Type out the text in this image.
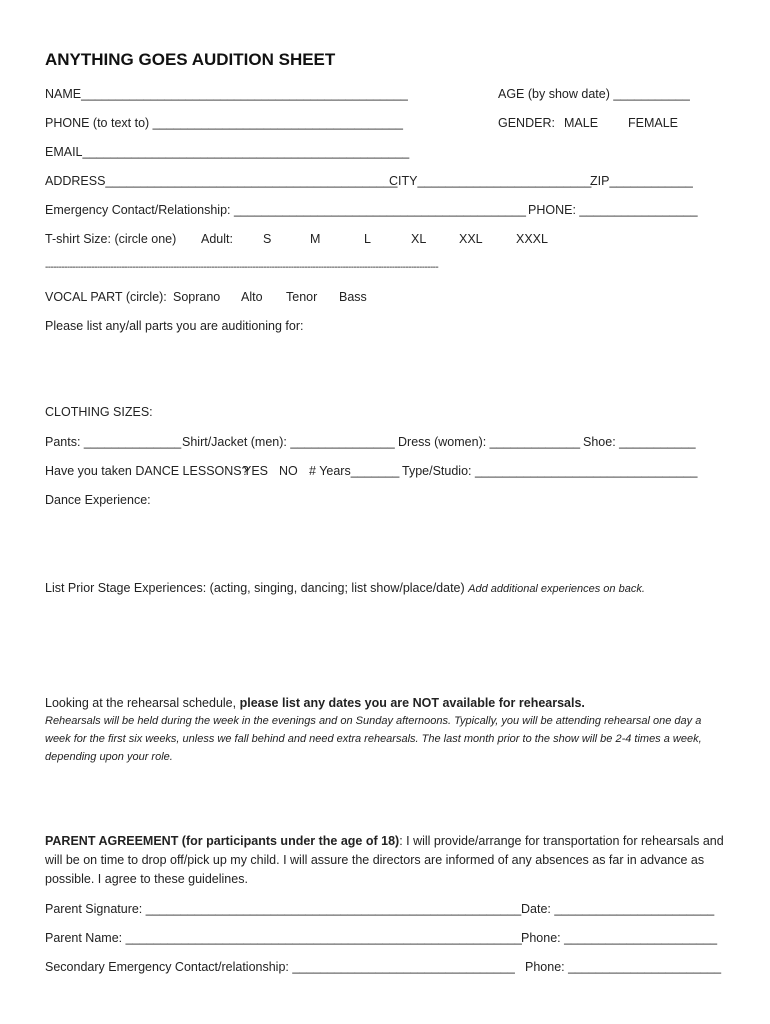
ANYTHING GOES AUDITION SHEET
NAME_______________________________________________	AGE (by show date) ___________
PHONE (to text to) ____________________________________	GENDER: MALE FEMALE
EMAIL_______________________________________________
ADDRESS__________________________________________
CITY_________________________
ZIP____________
Emergency Contact/Relationship: __________________________________________ PHONE: _________________
T-shirt Size: (circle one) Adult: S	M	L	XL	XXL	XXXL
------------------------------------------------------------------------------------------------------------------------------------------------
VOCAL PART (circle): Soprano Alto Tenor Bass
Please list any/all parts you are auditioning for:
CLOTHING SIZES:
Pants: ______________ Shirt/Jacket (men): _______________ Dress (women): _____________ Shoe: ___________
Have you taken DANCE LESSONS?
YES NO # Years_______ Type/Studio: ________________________________
Dance Experience:
List Prior Stage Experiences: (acting, singing, dancing; list show/place/date) Add additional experiences on back.
Looking at the rehearsal schedule, please list any dates you are NOT available for rehearsals.
Rehearsals will be held during the week in the evenings and on Sunday afternoons. Typically, you will be attending rehearsal one day a week for the first six weeks, unless we fall behind and need extra rehearsals. The last month prior to the show will be 2-4 times a week, depending upon your role.
PARENT AGREEMENT (for participants under the age of 18): I will provide/arrange for transportation for rehearsals and will be on time to drop off/pick up my child. I will assure the directors are informed of any absences as far in advance as possible. I agree to these guidelines.
Parent Signature: ______________________________________________________ Date: _______________________
Parent Name: _________________________________________________________ Phone: ______________________
Secondary Emergency Contact/relationship: ________________________________ Phone: ______________________
